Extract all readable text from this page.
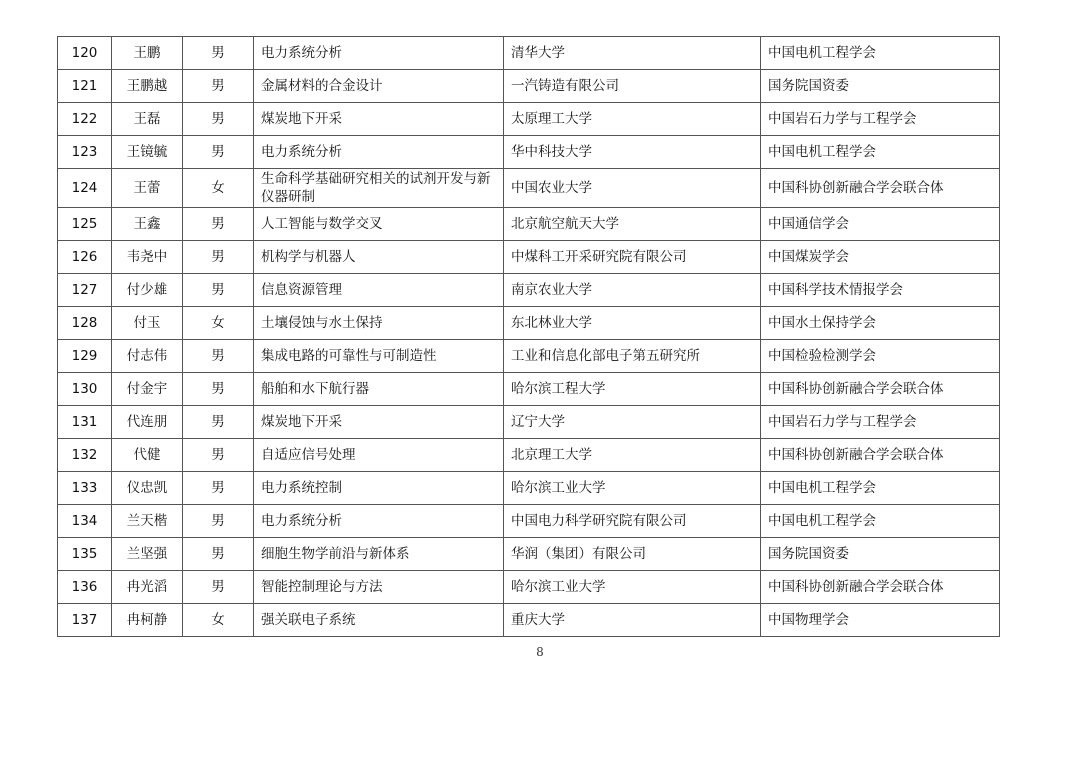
120	王鹏	男	电力系统分析	清华大学	中国电机工程学会
121	王鹏越	男	金属材料的合金设计	一汽铸造有限公司	国务院国资委
122	王磊	男	煤炭地下开采	太原理工大学	中国岩石力学与工程学会
123	王镜毓	男	电力系统分析	华中科技大学	中国电机工程学会
124	王蕾	女	生命科学基础研究相关的试剂开发与新仪器研制	中国农业大学	中国科协创新融合学会联合体
125	王鑫	男	人工智能与数学交叉	北京航空航天大学	中国通信学会
126	韦尧中	男	机构学与机器人	中煤科工开采研究院有限公司	中国煤炭学会
127	付少雄	男	信息资源管理	南京农业大学	中国科学技术情报学会
128	付玉	女	土壤侵蚀与水土保持	东北林业大学	中国水土保持学会
129	付志伟	男	集成电路的可靠性与可制造性	工业和信息化部电子第五研究所	中国检验检测学会
130	付金宇	男	船舶和水下航行器	哈尔滨工程大学	中国科协创新融合学会联合体
131	代连朋	男	煤炭地下开采	辽宁大学	中国岩石力学与工程学会
132	代健	男	自适应信号处理	北京理工大学	中国科协创新融合学会联合体
133	仪忠凯	男	电力系统控制	哈尔滨工业大学	中国电机工程学会
134	兰天楷	男	电力系统分析	中国电力科学研究院有限公司	中国电机工程学会
135	兰坚强	男	细胞生物学前沿与新体系	华润（集团）有限公司	国务院国资委
136	冉光滔	男	智能控制理论与方法	哈尔滨工业大学	中国科协创新融合学会联合体
137	冉柯静	女	强关联电子系统	重庆大学	中国物理学会
8
